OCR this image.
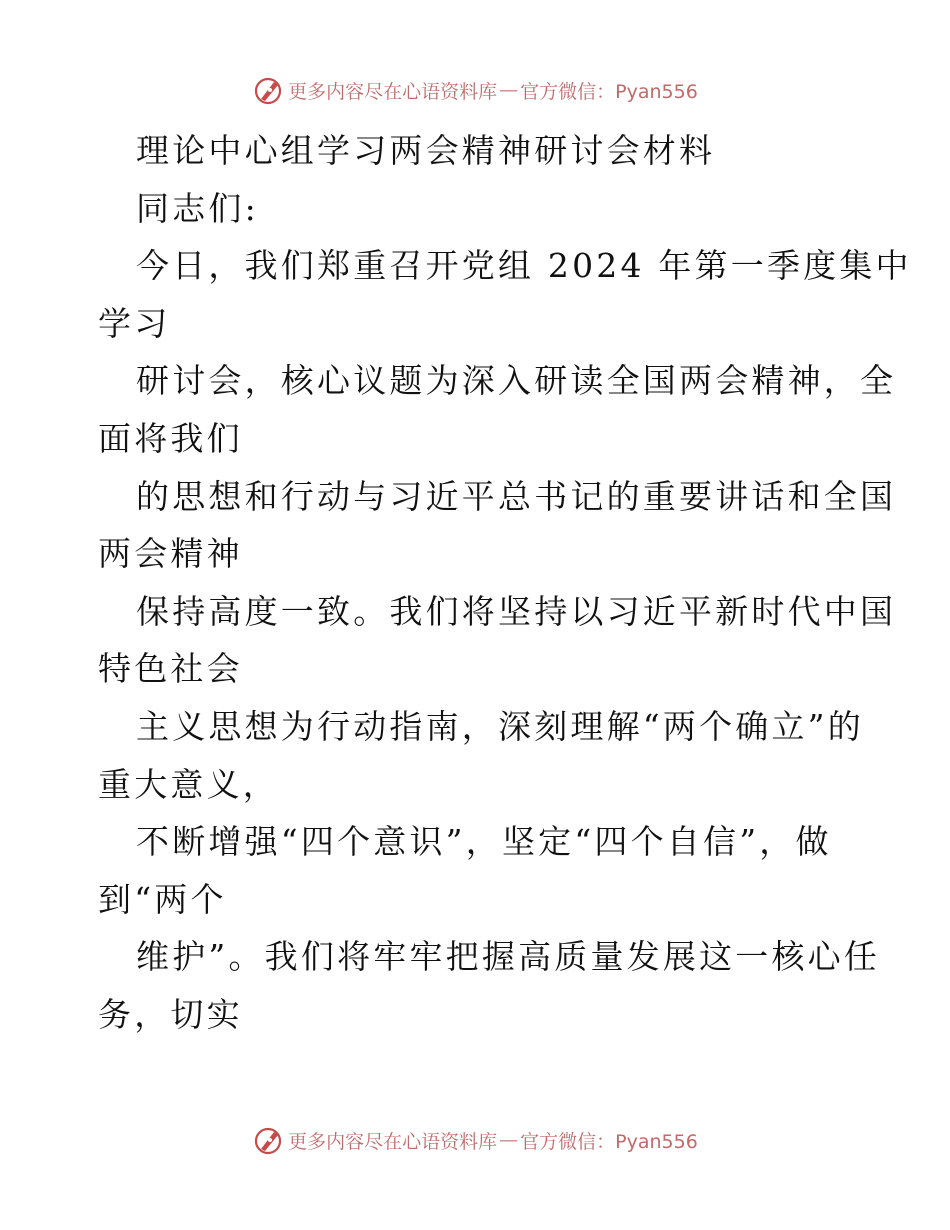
更多内容尽在心语资料库 — 官方微信：Pyan556
理论中心组学习两会精神研讨会材料
同志们:
今日，我们郑重召开党组 2024 年第一季度集中
学习
研讨会，核心议题为深入研读全国两会精神，全
面将我们
的思想和行动与习近平总书记的重要讲话和全国
两会精神
保持高度一致。我们将坚持以习近平新时代中国
特色社会
主义思想为行动指南，深刻理解“两个确立”的
重大意义，
不断增强“四个意识”，坚定“四个自信”，做
到“两个
维护”。我们将牢牢把握高质量发展这一核心任
务，切实
更多内容尽在心语资料库 — 官方微信：Pyan556
